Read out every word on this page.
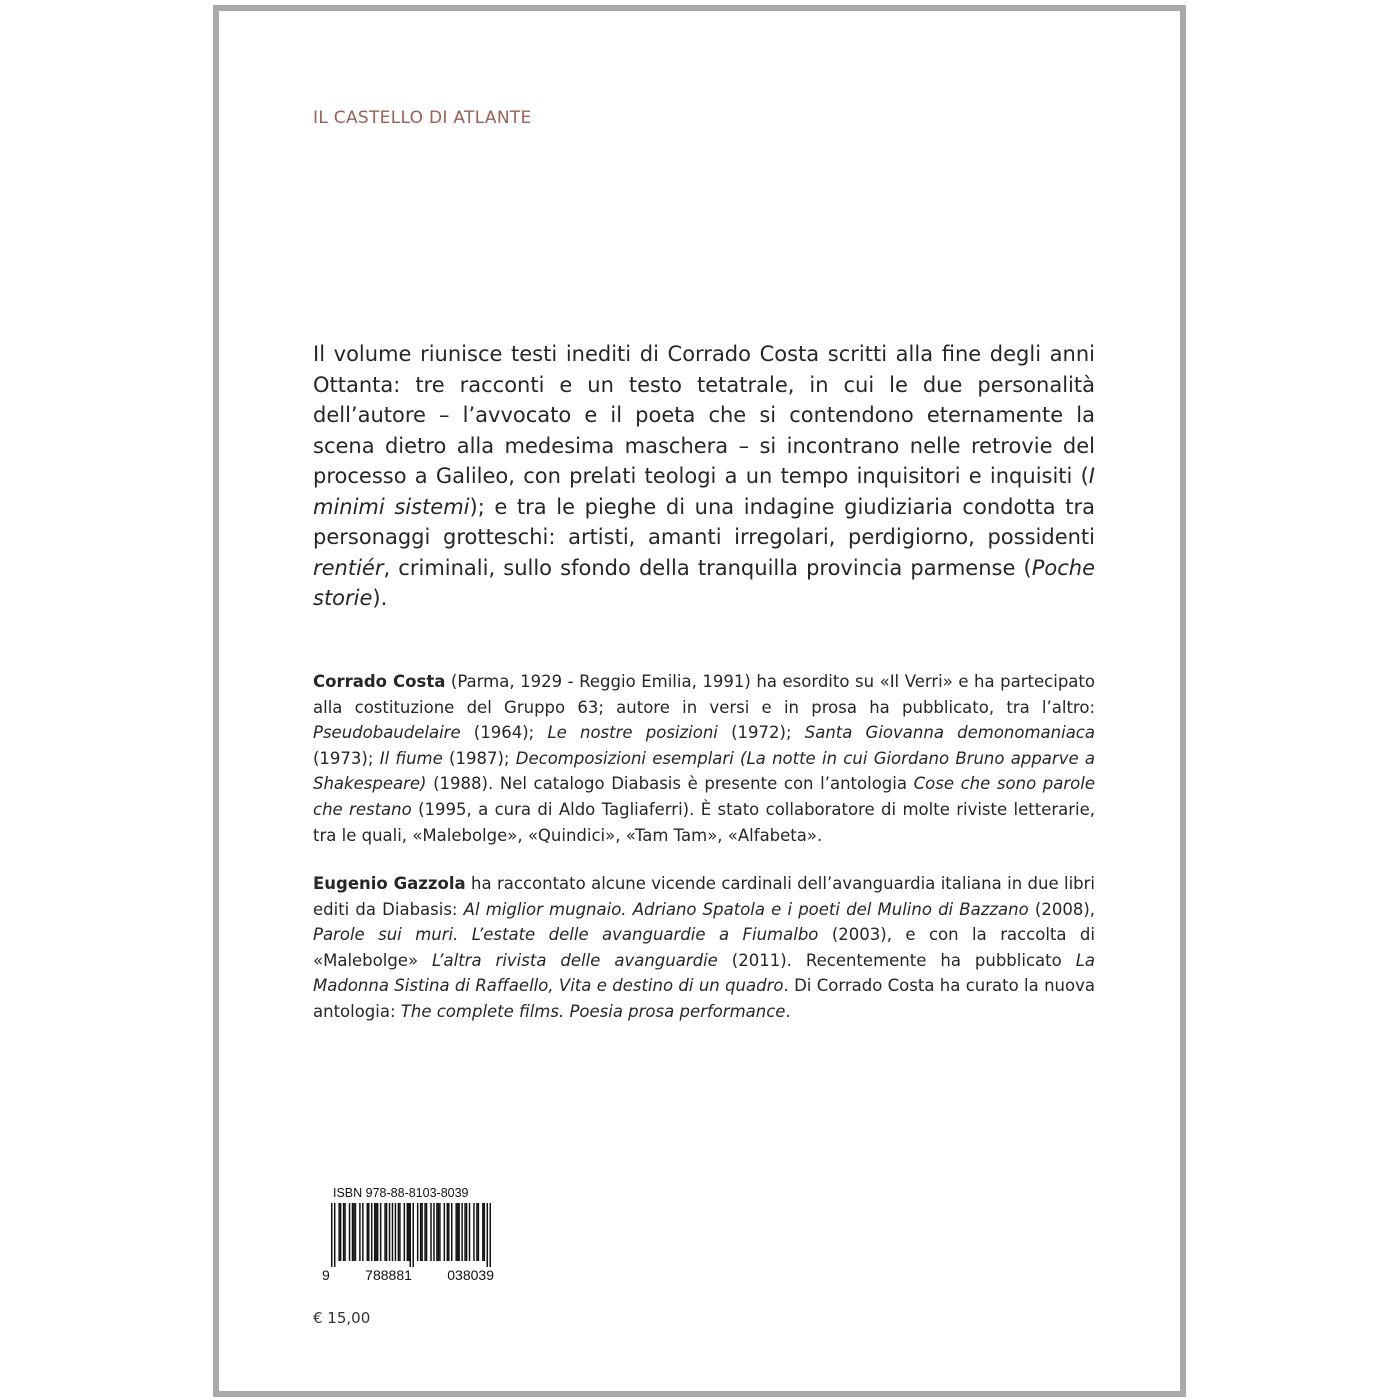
IL CASTELLO DI ATLANTE
Il volume riunisce testi inediti di Corrado Costa scritti alla fine degli anni Ottanta: tre racconti e un testo tetatrale, in cui le due personalità dell’autore – l’avvocato e il poeta che si contendono eternamente la scena dietro alla medesima maschera – si incontrano nelle retrovie del processo a Galileo, con prelati teologi a un tempo inquisitori e inquisiti (I minimi sistemi); e tra le pieghe di una indagine giudiziaria condotta tra personaggi grotteschi: artisti, amanti irregolari, perdigiorno, possidenti rentiér, criminali, sullo sfondo della tranquilla provincia parmense (Poche storie).
Corrado Costa (Parma, 1929 - Reggio Emilia, 1991) ha esordito su «Il Verri» e ha partecipato alla costituzione del Gruppo 63; autore in versi e in prosa ha pubblicato, tra l’altro: Pseudobaudelaire (1964); Le nostre posizioni (1972); Santa Giovanna demonomaniaca (1973); Il fiume (1987); Decomposizioni esemplari (La notte in cui Giordano Bruno apparve a Shakespeare) (1988). Nel catalogo Diabasis è presente con l’antologia Cose che sono parole che restano (1995, a cura di Aldo Tagliaferri). È stato collaboratore di molte riviste letterarie, tra le quali, «Malebolge», «Quindici», «Tam Tam», «Alfabeta».
Eugenio Gazzola ha raccontato alcune vicende cardinali dell’avanguardia italiana in due libri editi da Diabasis: Al miglior mugnaio. Adriano Spatola e i poeti del Mulino di Bazzano (2008), Parole sui muri. L’estate delle avanguardie a Fiumalbo (2003), e con la raccolta di «Malebolge» L’altra rivista delle avanguardie (2011). Recentemente ha pubblicato La Madonna Sistina di Raffaello, Vita e destino di un quadro. Di Corrado Costa ha curato la nuova antologia: The complete films. Poesia prosa performance.
ISBN 978-88-8103-8039
9	788881	038039
€ 15,00
